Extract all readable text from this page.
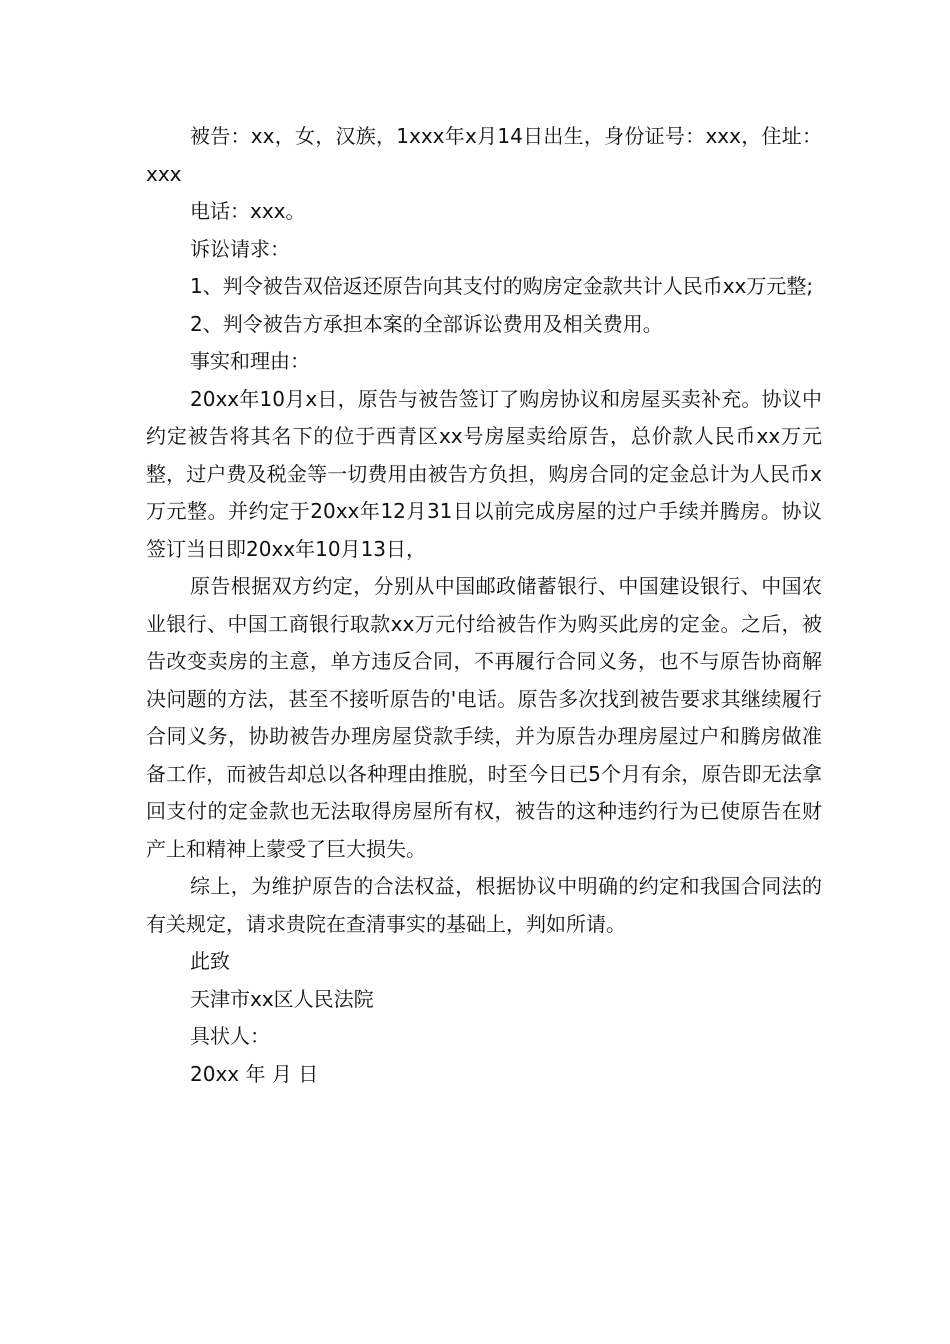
被告：xx，女，汉族，1xxx年x月14日出生，身份证号：xxx，住址：xxx

电话：xxx。

诉讼请求：

1、判令被告双倍返还原告向其支付的购房定金款共计人民币xx万元整;

2、判令被告方承担本案的全部诉讼费用及相关费用。

事实和理由：

20xx年10月x日，原告与被告签订了购房协议和房屋买卖补充。协议中约定被告将其名下的位于西青区xx号房屋卖给原告，总价款人民币xx万元整，过户费及税金等一切费用由被告方负担，购房合同的定金总计为人民币x万元整。并约定于20xx年12月31日以前完成房屋的过户手续并腾房。协议签订当日即20xx年10月13日，

原告根据双方约定，分别从中国邮政储蓄银行、中国建设银行、中国农业银行、中国工商银行取款xx万元付给被告作为购买此房的定金。之后，被告改变卖房的主意，单方违反合同，不再履行合同义务，也不与原告协商解决问题的方法，甚至不接听原告的'电话。原告多次找到被告要求其继续履行合同义务，协助被告办理房屋贷款手续，并为原告办理房屋过户和腾房做准备工作，而被告却总以各种理由推脱，时至今日已5个月有余，原告即无法拿回支付的定金款也无法取得房屋所有权，被告的这种违约行为已使原告在财产上和精神上蒙受了巨大损失。

综上，为维护原告的合法权益，根据协议中明确的约定和我国合同法的有关规定，请求贵院在查清事实的基础上，判如所请。

此致

天津市xx区人民法院

具状人：

20xx 年 月 日
